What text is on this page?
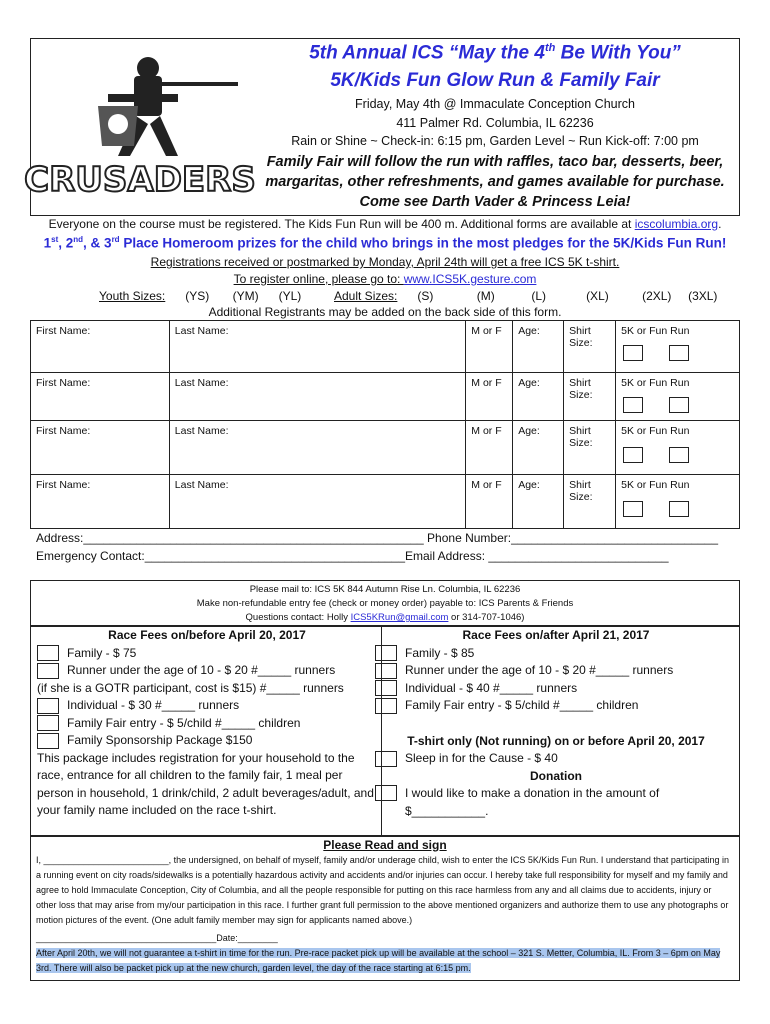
CRUSADERS
5th Annual ICS “May the 4th Be With You”
5K/Kids Fun Glow Run & Family Fair
Friday, May 4th @ Immaculate Conception Church
411 Palmer Rd. Columbia, IL 62236
Rain or Shine ~ Check-in: 6:15 pm, Garden Level ~ Run Kick-off: 7:00 pm
Family Fair will follow the run with raffles, taco bar, desserts, beer, margaritas, other refreshments, and games available for purchase. Come see Darth Vader & Princess Leia!
Everyone on the course must be registered. The Kids Fun Run will be 400 m. Additional forms are available at icscolumbia.org.
1st, 2nd, & 3rd Place Homeroom prizes for the child who brings in the most pledges for the 5K/Kids Fun Run!
Registrations received or postmarked by Monday, April 24th will get a free ICS 5K t-shirt.
To register online, please go to: www.ICS5K.gesture.com
Youth Sizes: (YS)       (YM)      (YL)	Adult Sizes: (S)             (M)           (L)            (XL)          (2XL)     (3XL)
Additional Registrants may be added on the back side of this form.
First Name:	Last Name:	M or F	Age:	Shirt Size:	5K or Fun Run

First Name:	Last Name:	M or F	Age:	Shirt Size:	5K or Fun Run

First Name:	Last Name:	M or F	Age:	Shirt Size:	5K or Fun Run

First Name:	Last Name:	M or F	Age:	Shirt Size:	5K or Fun Run
Address:___________________________________________________ Phone Number:_______________________________
Emergency Contact:_______________________________________Email Address: ___________________________
Please mail to: ICS 5K 844 Autumn Rise Ln. Columbia, IL 62236
Make non-refundable entry fee (check or money order) payable to: ICS Parents & Friends
Questions contact: Holly ICS5KRun@gmail.com or 314-707-1046)
Race Fees on/before April 20, 2017
Family - $ 75
Runner under the age of 10 - $ 20 #_____ runners
(if she is a GOTR participant, cost is $15) #_____ runners
Individual - $ 30 #_____ runners
Family Fair entry - $ 5/child #_____ children
Family Sponsorship Package $150
This package includes registration for your household to the race, entrance for all children to the family fair, 1 meal per person in household, 1 drink/child, 2 adult beverages/adult, and your family name included on the race t-shirt.
Race Fees on/after April 21, 2017
Family - $ 85
Runner under the age of 10 - $ 20 #_____ runners
Individual - $ 40 #_____ runners
Family Fair entry - $ 5/child #_____ children
T-shirt only (Not running) on or before April 20, 2017
Sleep in for the Cause - $ 40
Donation
I would like to make a donation in the amount of $___________.
Please Read and sign
I, _________________________, the undersigned, on behalf of myself, family and/or underage child, wish to enter the ICS 5K/Kids Fun Run. I understand that participating in a running event on city roads/sidewalks is a potentially hazardous activity and accidents and/or injuries can occur. I hereby take full responsibility for myself and my family and agree to hold Immaculate Conception, City of Columbia, and all the people responsible for putting on this race harmless from any and all claims due to accidents, injury or other loss that may arise from my/our participation in this race. I further grant full permission to the above mentioned organizers and authorize them to use any photographs or motion pictures of the event. (One adult family member may sign for applicants named above.)
____________________________________Date:________
After April 20th, we will not guarantee a t-shirt in time for the run. Pre-race packet pick up will be available at the school – 321 S. Metter, Columbia, IL. From 3 – 6pm on May 3rd. There will also be packet pick up at the new church, garden level, the day of the race starting at 6:15 pm.
